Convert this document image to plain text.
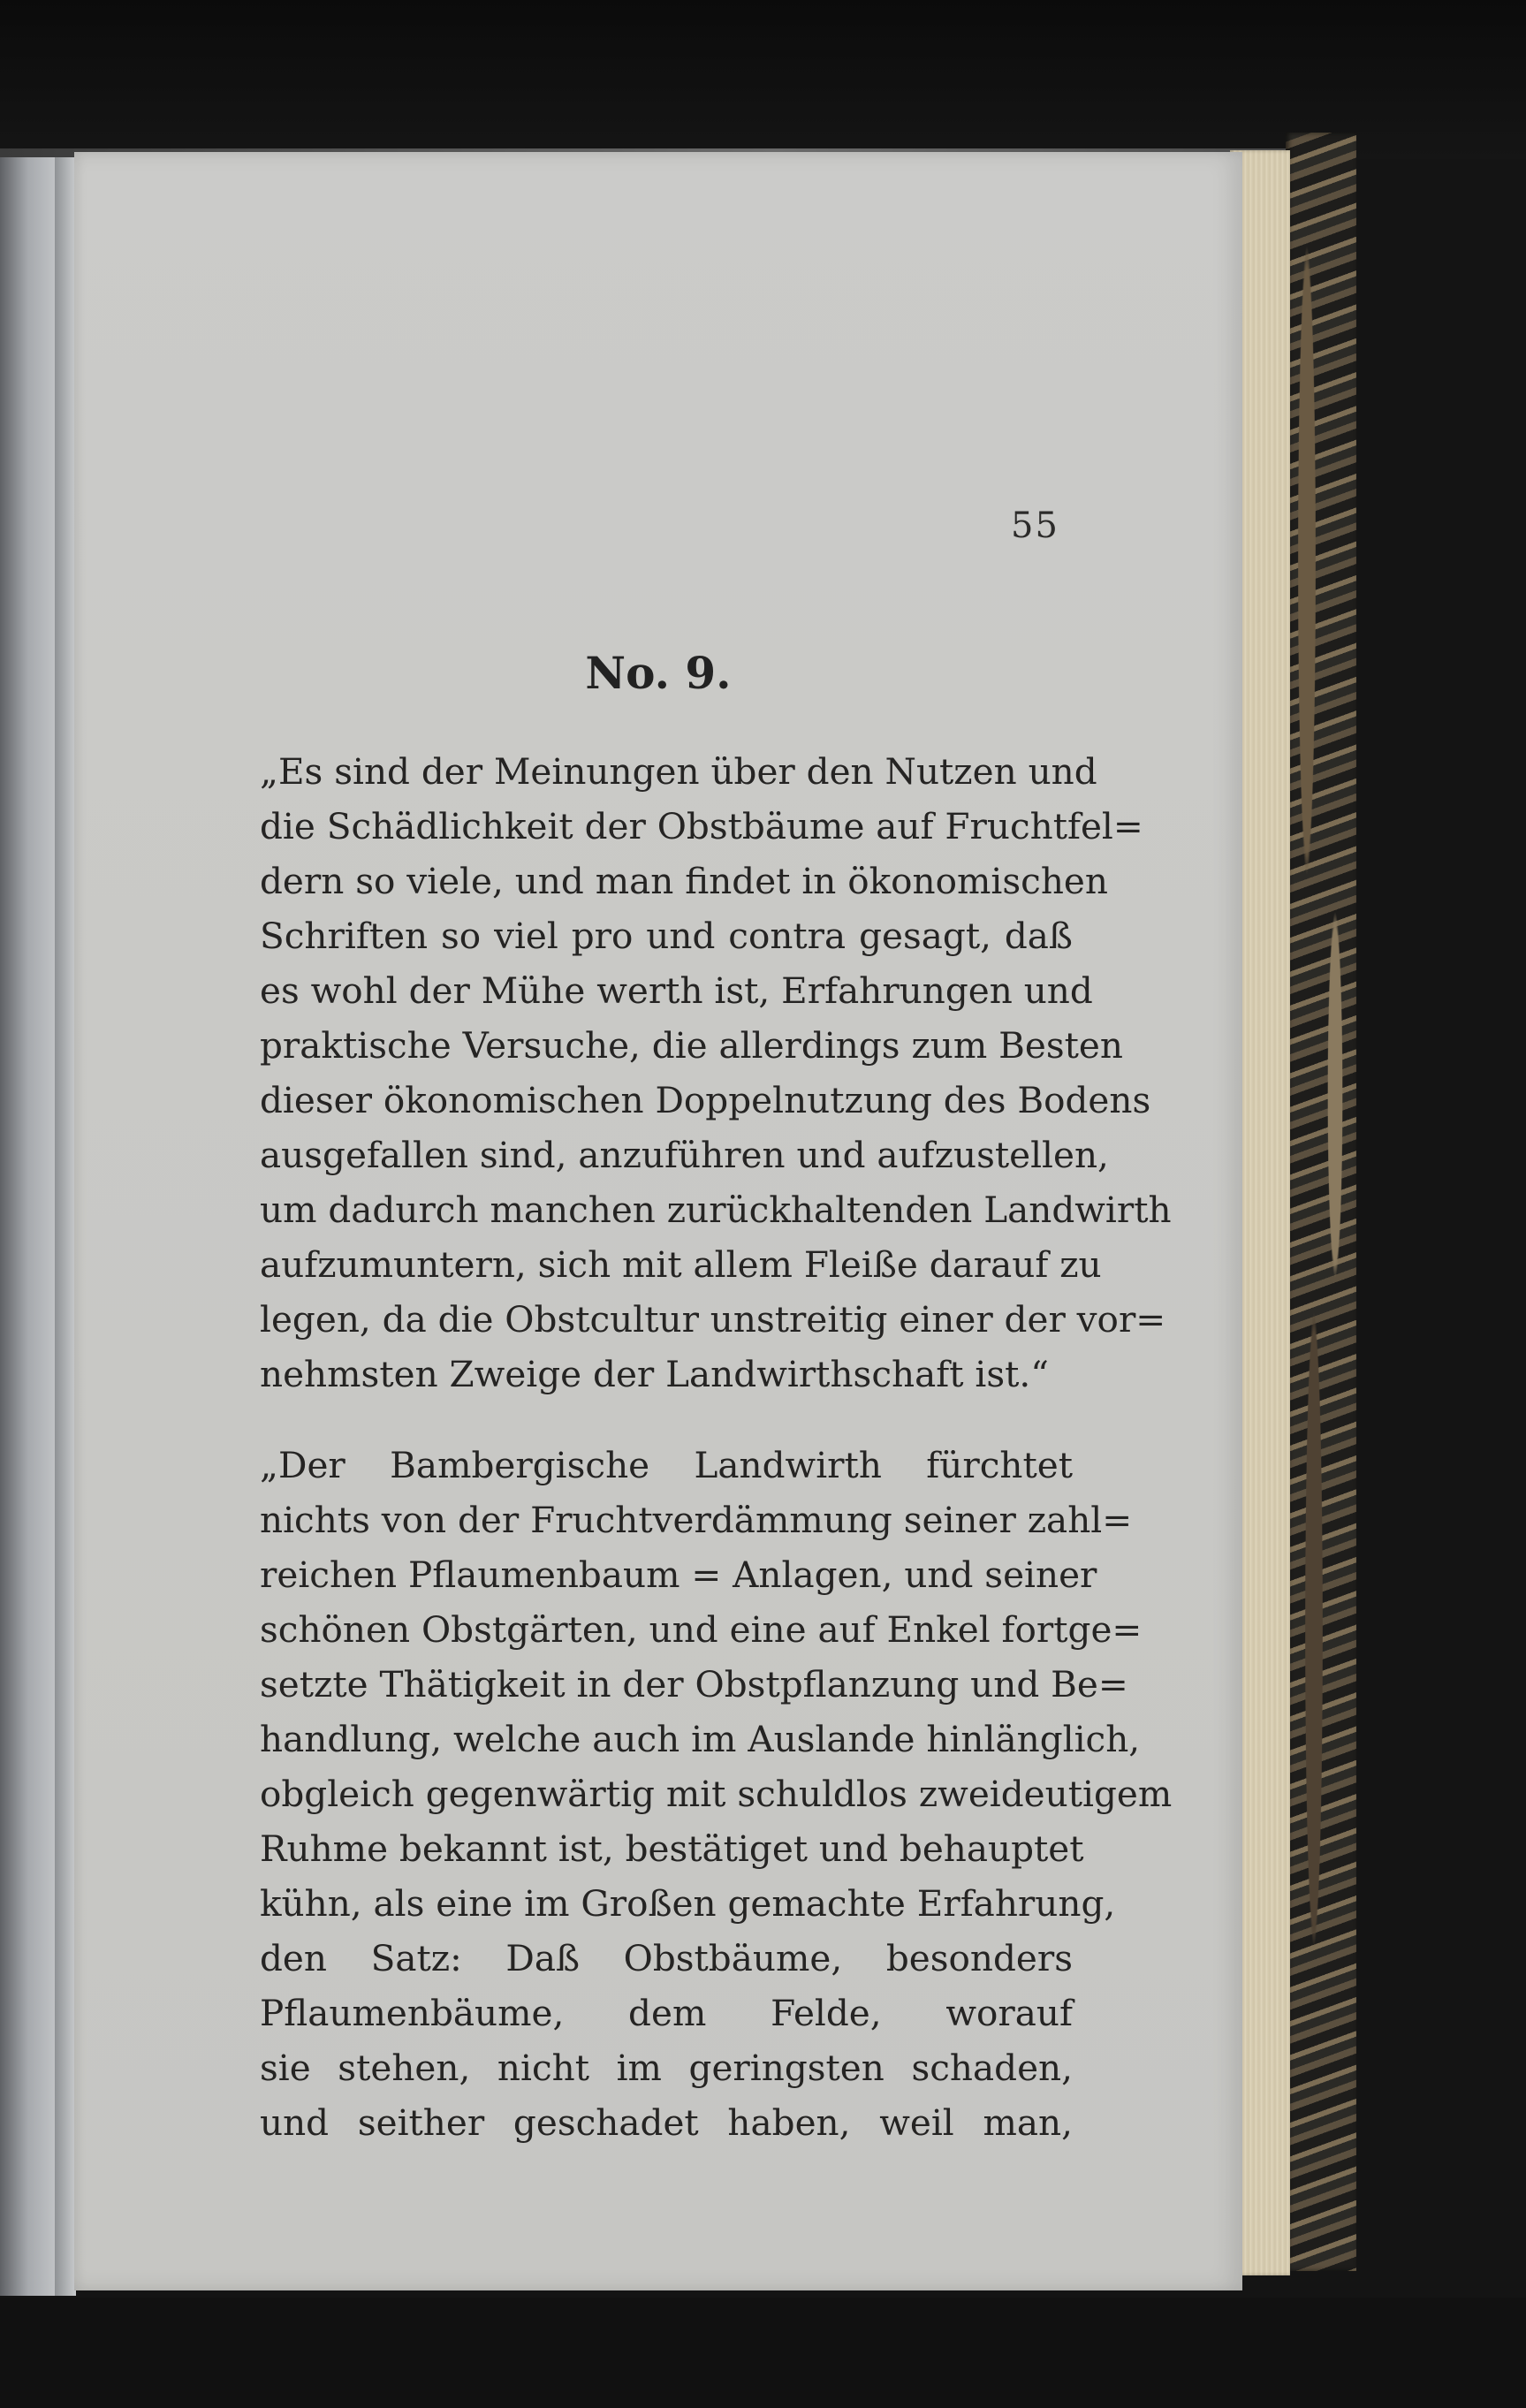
55
No. 9.
„Es sind der Meinungen über den Nutzen und
die Schädlichkeit der Obstbäume auf Fruchtfel=
dern so viele, und man findet in ökonomischen
Schriften so viel pro und contra gesagt, daß
es wohl der Mühe werth ist, Erfahrungen und
praktische Versuche, die allerdings zum Besten
dieser ökonomischen Doppelnutzung des Bodens
ausgefallen sind, anzuführen und aufzustellen,
um dadurch manchen zurückhaltenden Landwirth
aufzumuntern, sich mit allem Fleiße darauf zu
legen, da die Obstcultur unstreitig einer der vor=
nehmsten Zweige der Landwirthschaft ist.“
„Der Bambergische Landwirth fürchtet
nichts von der Fruchtverdämmung seiner zahl=
reichen Pflaumenbaum = Anlagen, und seiner
schönen Obstgärten, und eine auf Enkel fortge=
setzte Thätigkeit in der Obstpflanzung und Be=
handlung, welche auch im Auslande hinlänglich,
obgleich gegenwärtig mit schuldlos zweideutigem
Ruhme bekannt ist, bestätiget und behauptet
kühn, als eine im Großen gemachte Erfahrung,
den Satz: Daß Obstbäume, besonders
Pflaumenbäume, dem Felde, worauf
sie stehen, nicht im geringsten schaden,
und seither geschadet haben, weil man,
